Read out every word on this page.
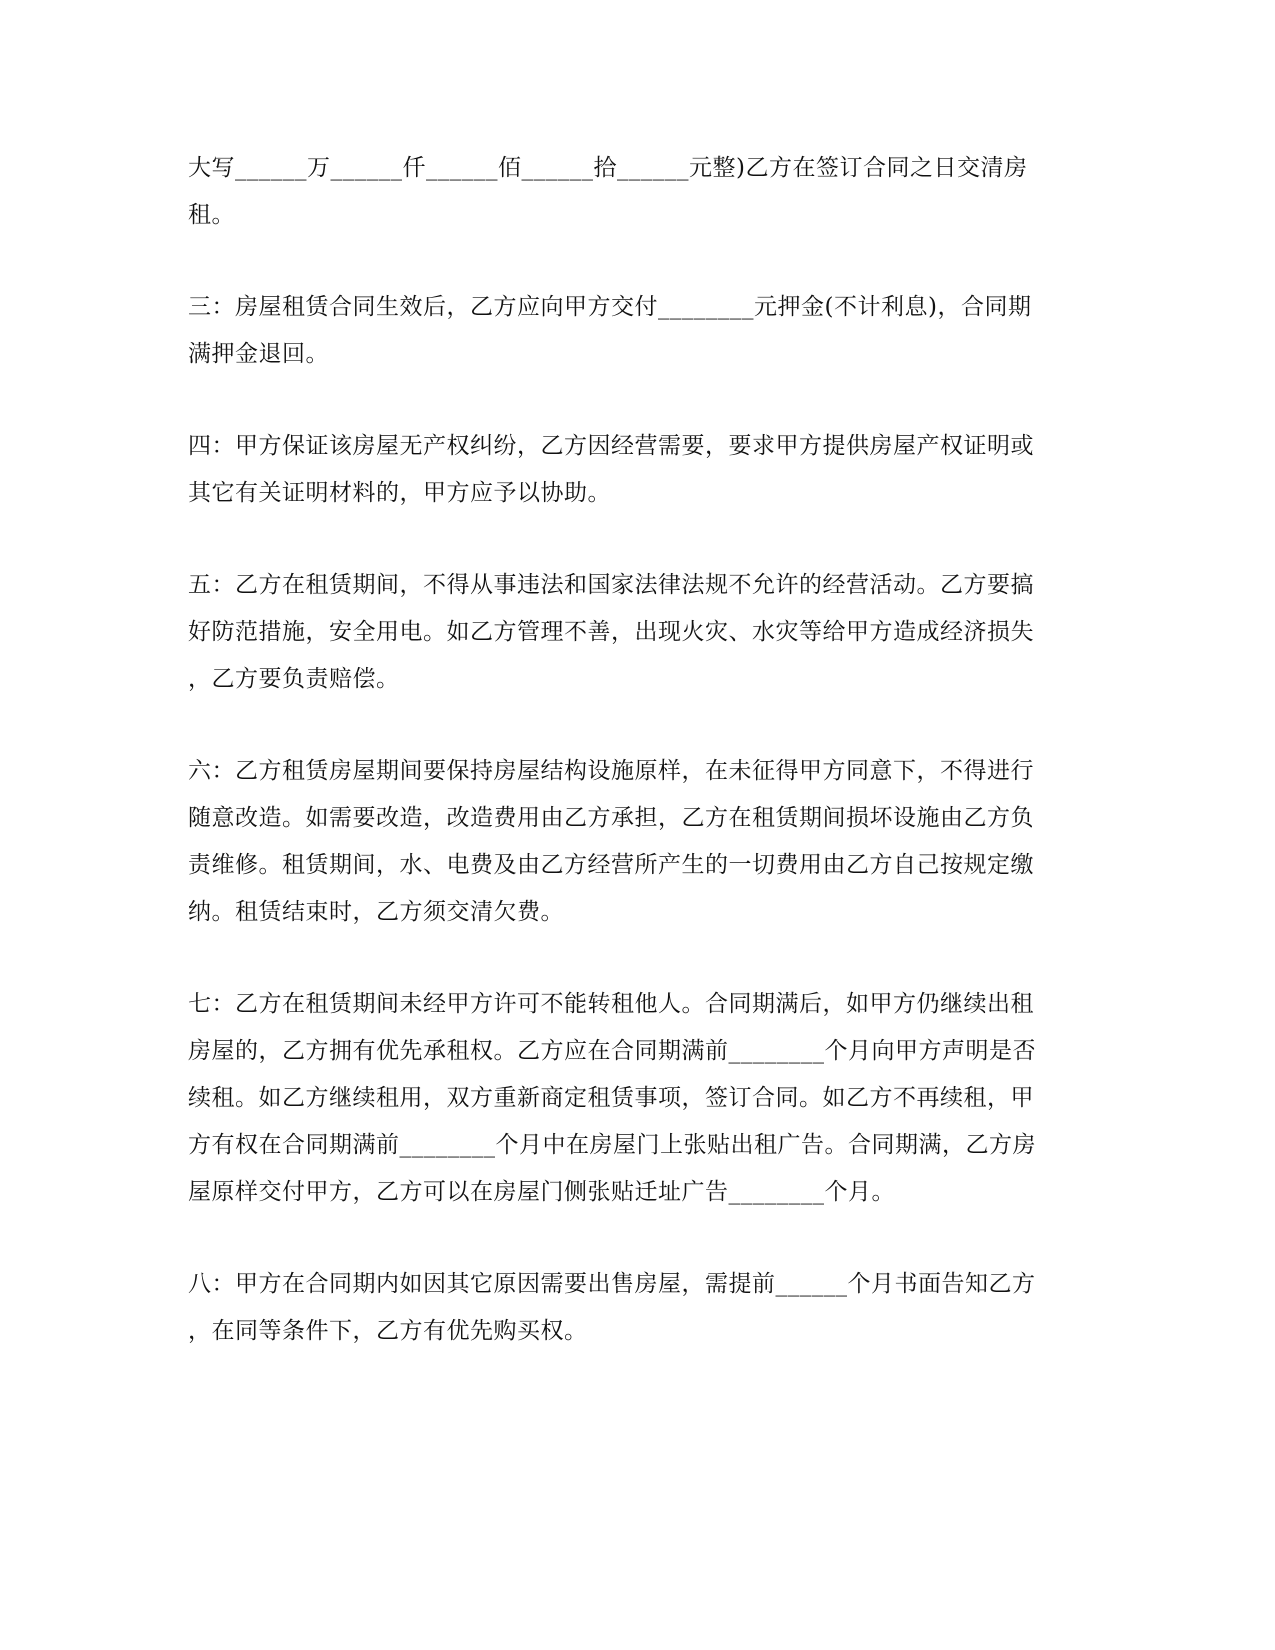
大写______万______仟______佰______拾______元整)乙方在签订合同之日交清房
租。
三：房屋租赁合同生效后，乙方应向甲方交付________元押金(不计利息)，合同期
满押金退回。
四：甲方保证该房屋无产权纠纷，乙方因经营需要，要求甲方提供房屋产权证明或
其它有关证明材料的，甲方应予以协助。
五：乙方在租赁期间，不得从事违法和国家法律法规不允许的经营活动。乙方要搞
好防范措施，安全用电。如乙方管理不善，出现火灾、水灾等给甲方造成经济损失
，乙方要负责赔偿。
六：乙方租赁房屋期间要保持房屋结构设施原样，在未征得甲方同意下，不得进行
随意改造。如需要改造，改造费用由乙方承担，乙方在租赁期间损坏设施由乙方负
责维修。租赁期间，水、电费及由乙方经营所产生的一切费用由乙方自己按规定缴
纳。租赁结束时，乙方须交清欠费。
七：乙方在租赁期间未经甲方许可不能转租他人。合同期满后，如甲方仍继续出租
房屋的，乙方拥有优先承租权。乙方应在合同期满前________个月向甲方声明是否
续租。如乙方继续租用，双方重新商定租赁事项，签订合同。如乙方不再续租，甲
方有权在合同期满前________个月中在房屋门上张贴出租广告。合同期满，乙方房
屋原样交付甲方，乙方可以在房屋门侧张贴迁址广告________个月。
八：甲方在合同期内如因其它原因需要出售房屋，需提前______个月书面告知乙方
，在同等条件下，乙方有优先购买权。
